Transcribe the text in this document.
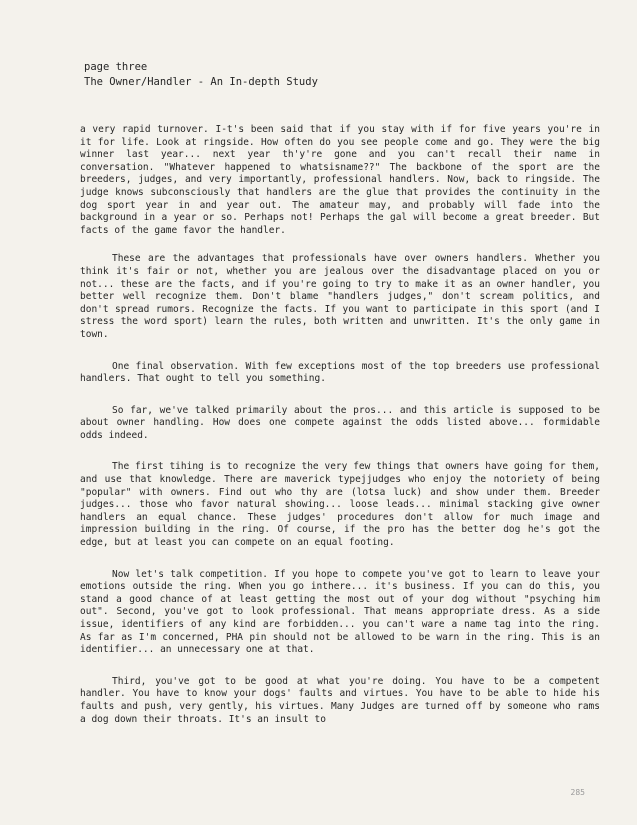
page three
The Owner/Handler - An In-depth Study

a very rapid turnover. I-t's been said that if you stay with if for five years you're in it for life. Look at ringside. How often do you see people come and go. They were the big winner last year... next year th'y're gone and you can't recall their name in conversation. "Whatever happened to whatsisname??" The backbone of the sport are the breeders, judges, and very importantly, professional handlers. Now, back to ringside. The judge knows subconsciously that handlers are the glue that provides the continuity in the dog sport year in and year out. The amateur may, and probably will fade into the background in a year or so. Perhaps not! Perhaps the gal will become a great breeder. But facts of the game favor the handler.

These are the advantages that professionals have over owners handlers. Whether you think it's fair or not, whether you are jealous over the disadvantage placed on you or not... these are the facts, and if you're going to try to make it as an owner handler, you better well recognize them. Don't blame "handlers judges," don't scream politics, and don't spread rumors. Recognize the facts. If you want to participate in this sport (and I stress the word sport) learn the rules, both written and unwritten. It's the only game in town.

One final observation. With few exceptions most of the top breeders use professional handlers. That ought to tell you something.

So far, we've talked primarily about the pros... and this article is supposed to be about owner handling. How does one compete against the odds listed above... formidable odds indeed.

The first tihing is to recognize the very few things that owners have going for them, and use that knowledge. There are maverick typejjudges who enjoy the notoriety of being "popular" with owners. Find out who thy are (lotsa luck) and show under them. Breeder judges... those who favor natural showing... loose leads... minimal stacking give owner handlers an equal chance. These judges' procedures don't allow for much image and impression building in the ring. Of course, if the pro has the better dog he's got the edge, but at least you can compete on an equal footing.

Now let's talk competition. If you hope to compete you've got to learn to leave your emotions outside the ring. When you go inthere... it's business. If you can do this, you stand a good chance of at least getting the most out of your dog without "psyching him out". Second, you've got to look professional. That means appropriate dress. As a side issue, identifiers of any kind are forbidden... you can't ware a name tag into the ring. As far as I'm concerned, PHA pin should not be allowed to be warn in the ring. This is an identifier... an unnecessary one at that.

Third, you've got to be good at what you're doing. You have to be a competent handler. You have to know your dogs' faults and virtues. You have to be able to hide his faults and push, very gently, his virtues. Many Judges are turned off by someone who rams a dog down their throats. It's an insult to

285
